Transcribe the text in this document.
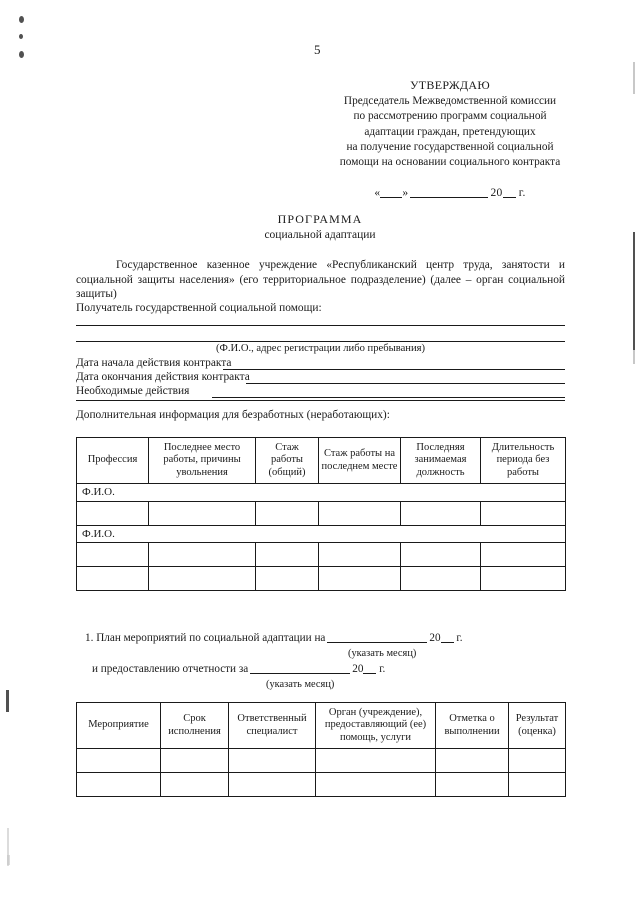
5
УТВЕРЖДАЮ
Председатель Межведомственной комиссии
по рассмотрению программ социальной
адаптации граждан, претендующих
на получение государственной социальной
помощи на основании социального контракта
« »	20 г.
ПРОГРАММА
социальной адаптации
Государственное казенное учреждение «Республиканский центр труда, занятости и социальной защиты населения» (его территориальное подразделение) (далее – орган социальной защиты)
Получатель государственной социальной помощи:
(Ф.И.О., адрес регистрации либо пребывания)
Дата начала действия контракта
Дата окончания действия контракта
Необходимые действия
Дополнительная информация для безработных (неработающих):
Профессия	Последнее место работы, причины увольнения	Стаж работы (общий)	Стаж работы на последнем месте	Последняя занимаемая должность	Длительность периода без работы
Ф.И.О.					

Ф.И.О.					

1. План мероприятий по социальной адаптации на	20 г.
(указать месяц)
и предоставлению отчетности за	20 г.
(указать месяц)
Мероприятие	Срок исполнения	Ответственный специалист	Орган (учреждение), предоставляющий (ее) помощь, услуги	Отметка о выполнении	Результат (оценка)
